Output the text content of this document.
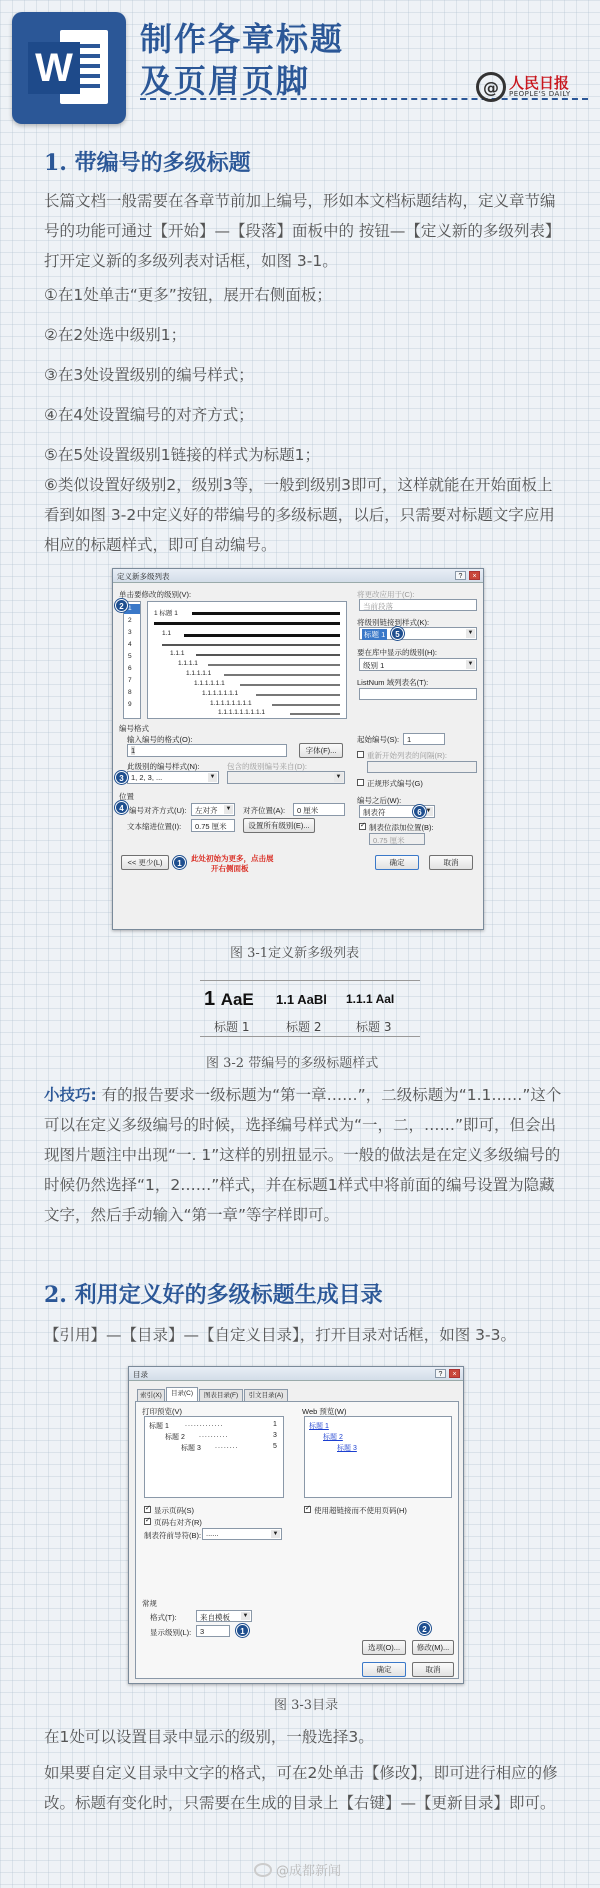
W
制作各章标题
及页眉页脚	@ 人民日报
PEOPLE'S DAILY
1. 带编号的多级标题
长篇文档一般需要在各章节前加上编号，形如本文档标题结构，定义章节编号的功能可通过【开始】—【段落】面板中的 按钮—【定义新的多级列表】打开定义新的多级列表对话框，如图 3-1。
①在1处单击“更多”按钮，展开右侧面板；
②在2处选中级别1；
③在3处设置级别的编号样式；
④在4处设置编号的对齐方式；
⑤在5处设置级别1链接的样式为标题1；
⑥类似设置好级别2，级别3等，一般到级别3即可，这样就能在开始面板上看到如图 3-2中定义好的带编号的多级标题，以后，只需要对标题文字应用相应的标题样式，即可自动编号。
定义新多级列表	?	×
单击要修改的级别(V):
1
2
3
4
5
6
7
8
9
2
1 标题 1
1.1
1.1.1
1.1.1.1
1.1.1.1.1
1.1.1.1.1.1
1.1.1.1.1.1.1
1.1.1.1.1.1.1.1
1.1.1.1.1.1.1.1.1
将更改应用于(C):
当前段落
将级别链接到样式(K):
标题 1	▼
5
要在库中显示的级别(H):
级别 1	▼
ListNum 域列表名(T):
编号格式
输入编号的格式(O):
1	字体(F)...
此级别的编号样式(N):
1, 2, 3, ...	▼
3
包含的级别编号来自(D):
▼
起始编号(S): 1
重新开始列表的间隔(R):
正规形式编号(G)
位置
4 编号对齐方式(U): 左对齐 ▼ 对齐位置(A): 0 厘米
文本缩进位置(I): 0.75 厘米	设置所有级别(E)...
编号之后(W):
制表符	▼
6
✓
制表位添加位置(B):
0.75 厘米
<< 更少(L)	1
此处初始为更多，点击展
开右侧面板
确定	取消
图 3-1定义新多级列表
1 AaE 1.1 AaBl 1.1.1 AaI
标题 1	标题 2	标题 3
图 3-2 带编号的多级标题样式
小技巧: 有的报告要求一级标题为“第一章……”，二级标题为“1.1……”这个可以在定义多级编号的时候，选择编号样式为“一，二，……”即可，但会出现图片题注中出现“一. 1”这样的别扭显示。一般的做法是在定义多级编号的时候仍然选择“1，2……”样式，并在标题1样式中将前面的编号设置为隐藏文字，然后手动输入“第一章”等字样即可。
2. 利用定义好的多级标题生成目录
【引用】—【目录】—【自定义目录】，打开目录对话框，如图 3-3。
目录	?	×
索引(X)	目录(C)	图表目录(F)	引文目录(A)
打印预览(V)
标题 1 .............	1
标题 2 ..........	3
标题 3 ........	5
Web 预览(W)
标题 1
标题 2
标题 3
✓
显示页码(S)
✓
页码右对齐(R)
制表符前导符(B): ......	▼
✓
使用超链接而不使用页码(H)
常规
格式(T):	来自模板 ▼
显示级别(L): 3	1	2
选项(O)...	修改(M)...
确定	取消
图 3-3目录
在1处可以设置目录中显示的级别，一般选择3。
如果要自定义目录中文字的格式，可在2处单击【修改】，即可进行相应的修改。标题有变化时，只需要在生成的目录上【右键】—【更新目录】即可。
@成都新闻
